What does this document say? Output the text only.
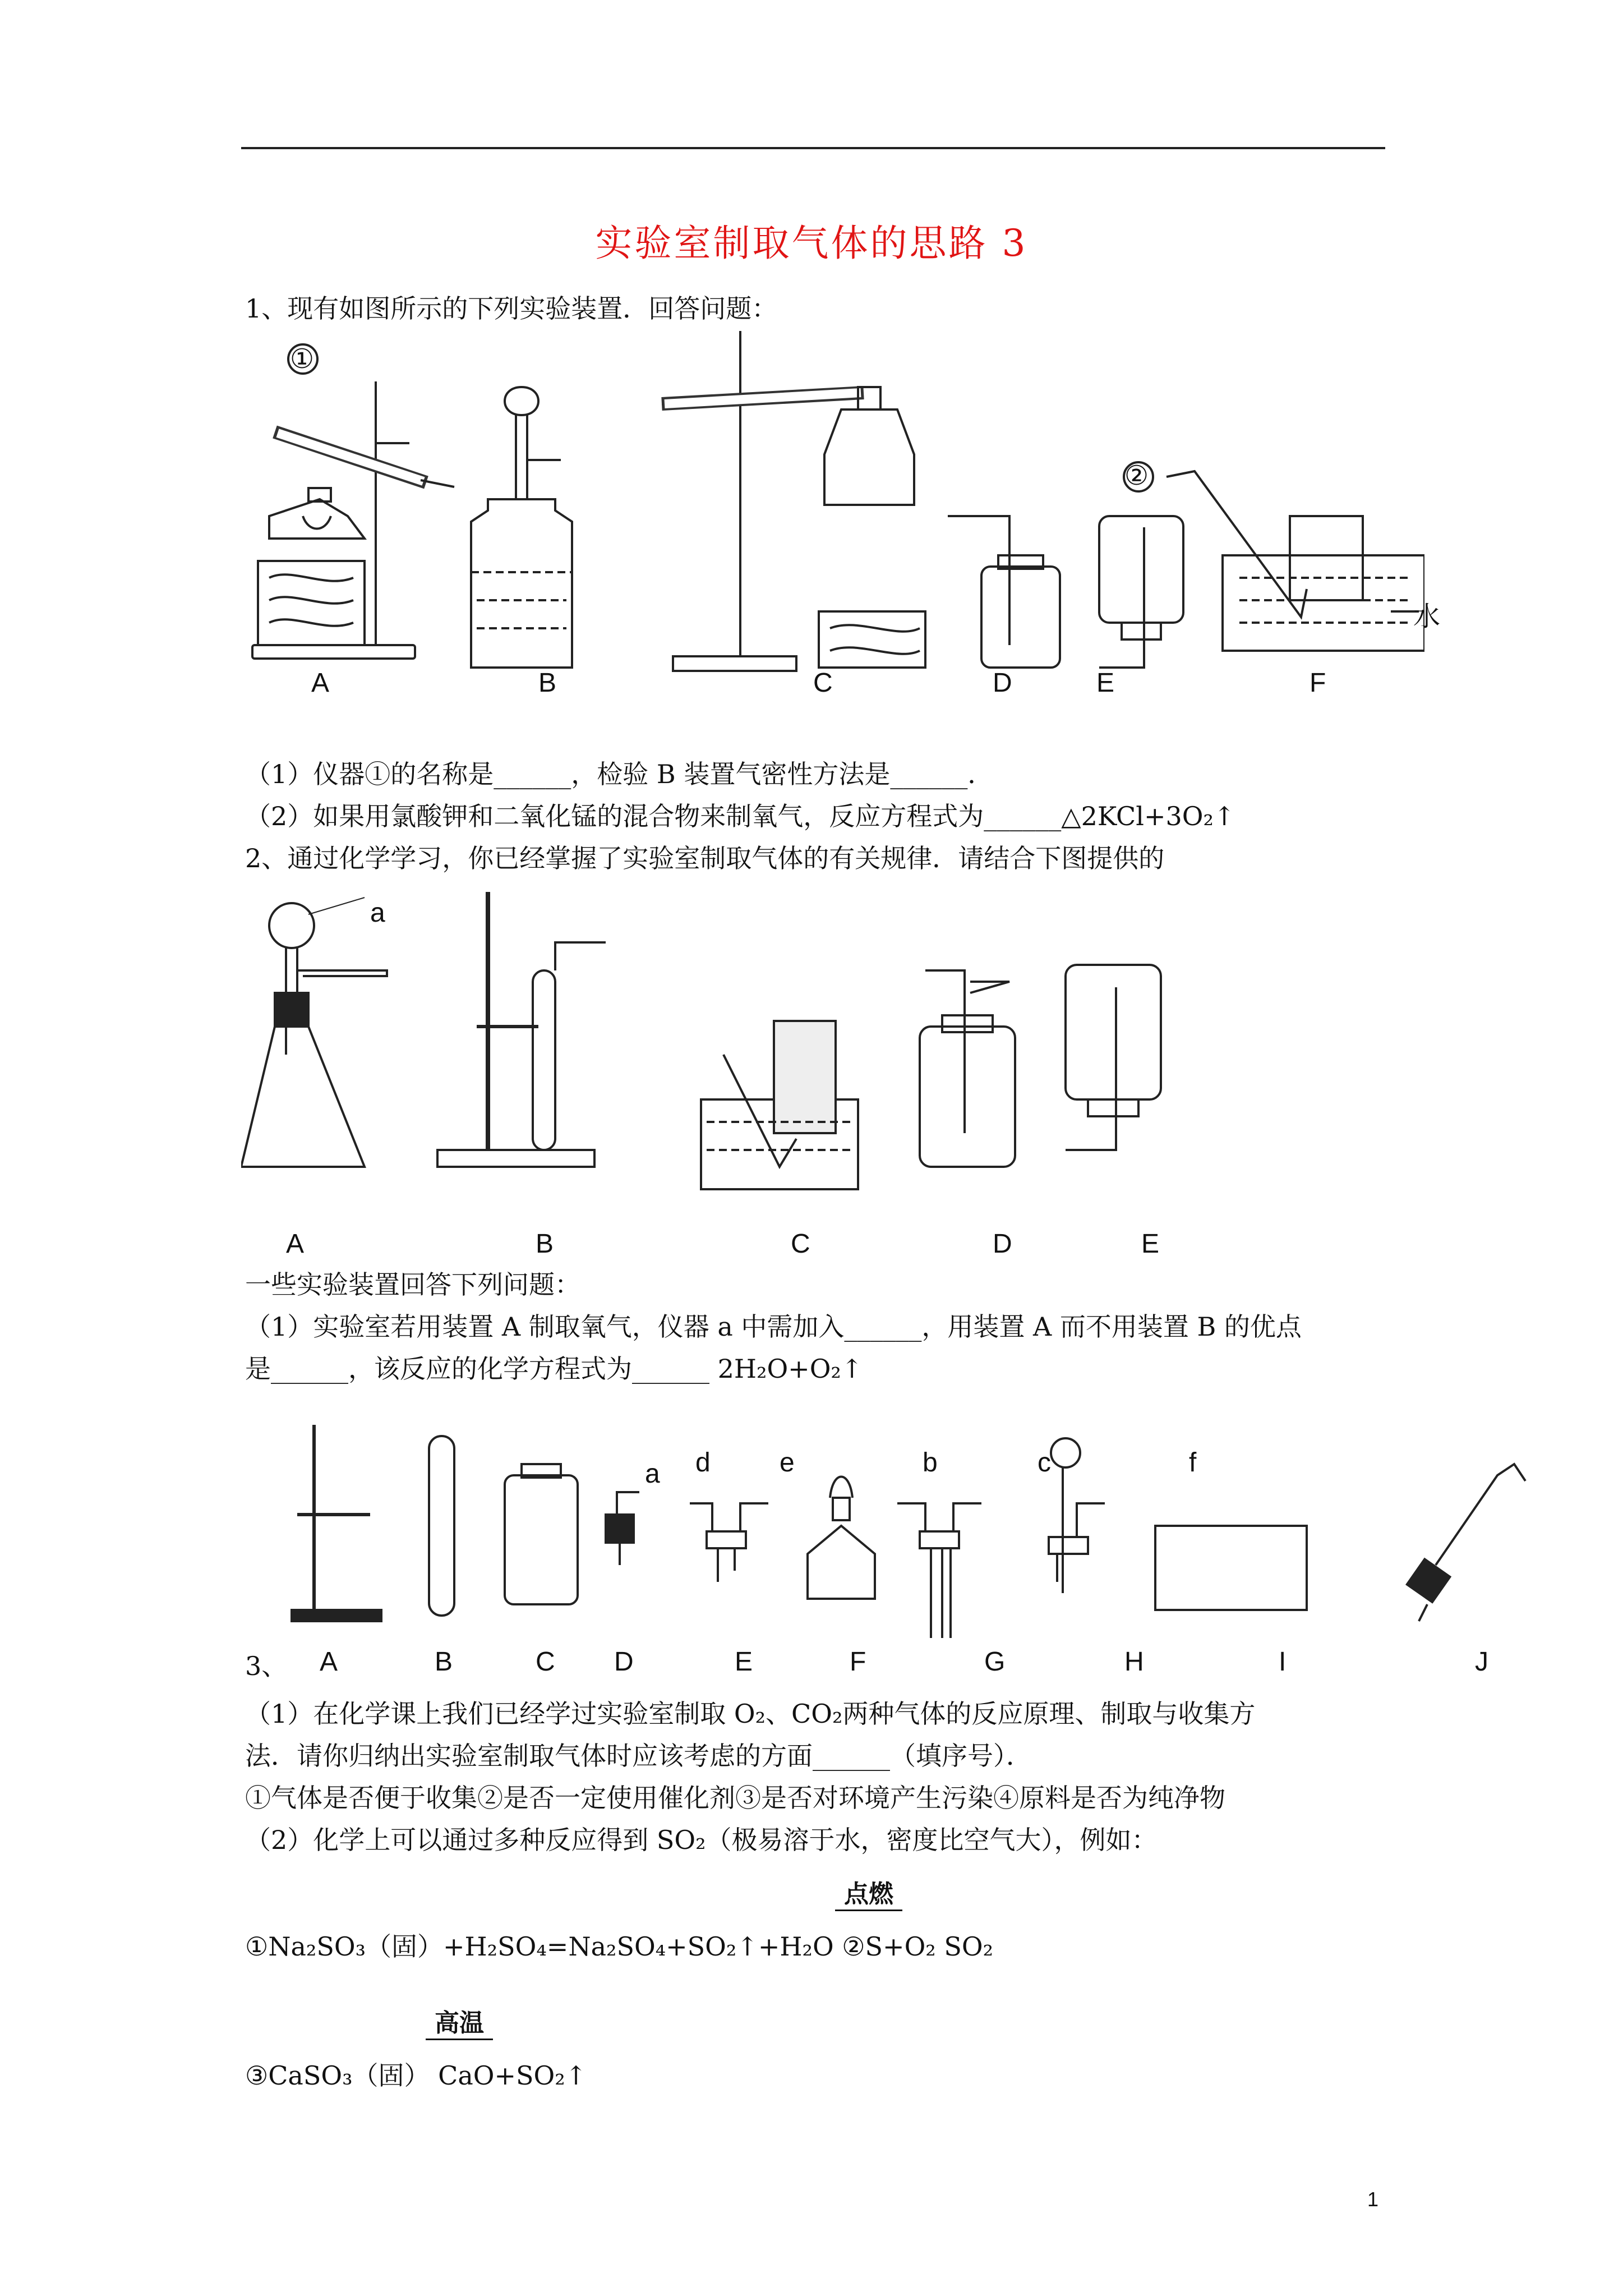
实验室制取气体的思路 3
1、现有如图所示的下列实验装置．回答问题：
①
水
A	B	C	D	E	F
（1）仪器①的名称是______，检验 B 装置气密性方法是______．
（2）如果用氯酸钾和二氧化锰的混合物来制氧气，反应方程式为______△2KCl+3O₂↑
2、通过化学学习，你已经掌握了实验室制取气体的有关规律．请结合下图提供的
a
A	B	C	D	E
一些实验装置回答下列问题：
（1）实验室若用装置 A 制取氧气，仪器 a 中需加入______，用装置 A 而不用装置 B 的优点
是______，该反应的化学方程式为______ 2H₂O+O₂↑
a d	e	b	c	f
3、 A	B	C D	E	F	G	H	I	J
（1）在化学课上我们已经学过实验室制取 O₂、CO₂两种气体的反应原理、制取与收集方
法．请你归纳出实验室制取气体时应该考虑的方面______（填序号）．
①气体是否便于收集②是否一定使用催化剂③是否对环境产生污染④原料是否为纯净物
（2）化学上可以通过多种反应得到 SO₂（极易溶于水，密度比空气大），例如：
点燃
①Na₂SO₃（固）+H₂SO₄=Na₂SO₄+SO₂↑+H₂O ②S+O₂ SO₂
高温
③CaSO₃（固） CaO+SO₂↑
1
②
